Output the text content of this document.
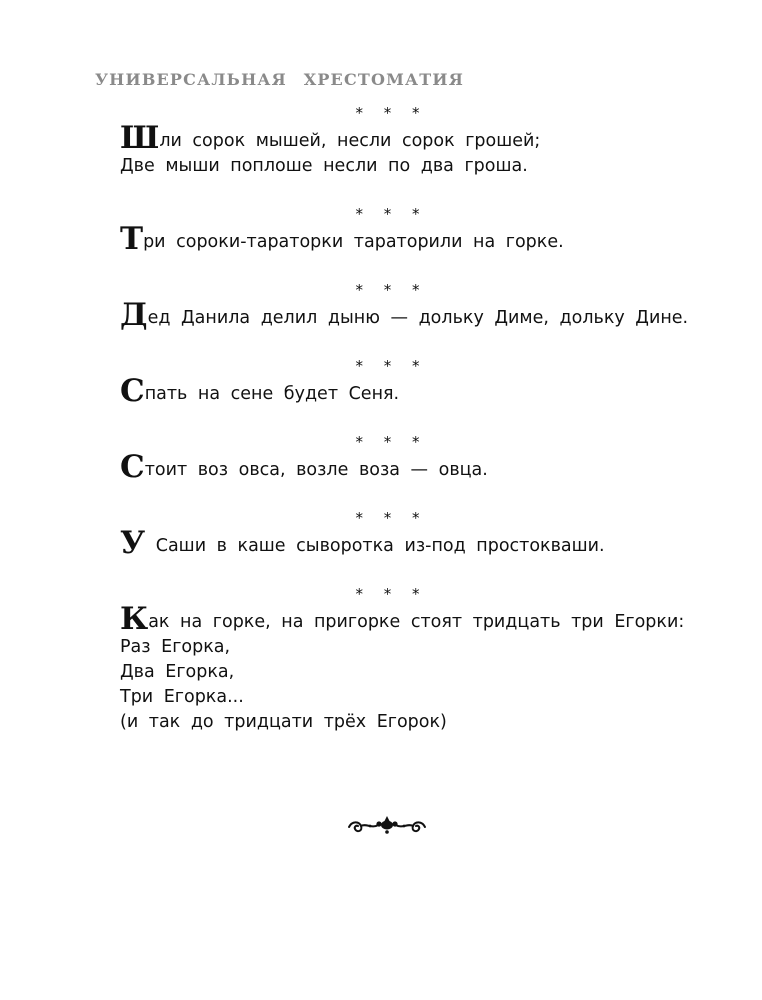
УНИВЕРСАЛЬНАЯ ХРЕСТОМАТИЯ
* * *
Шли сорок мышей, несли сорок грошей;
Две мыши поплоше несли по два гроша.
* * *
Три сороки-тараторки тараторили на горке.
* * *
Дед Данила делил дыню — дольку Диме, дольку Дине.
* * *
Спать на сене будет Сеня.
* * *
Стоит воз овса, возле воза — овца.
* * *
У Саши в каше сыворотка из-под простокваши.
* * *
Как на горке, на пригорке стоят тридцать три Егорки:
Раз Егорка,
Два Егорка,
Три Егорка...
(и так до тридцати трёх Егорок)
